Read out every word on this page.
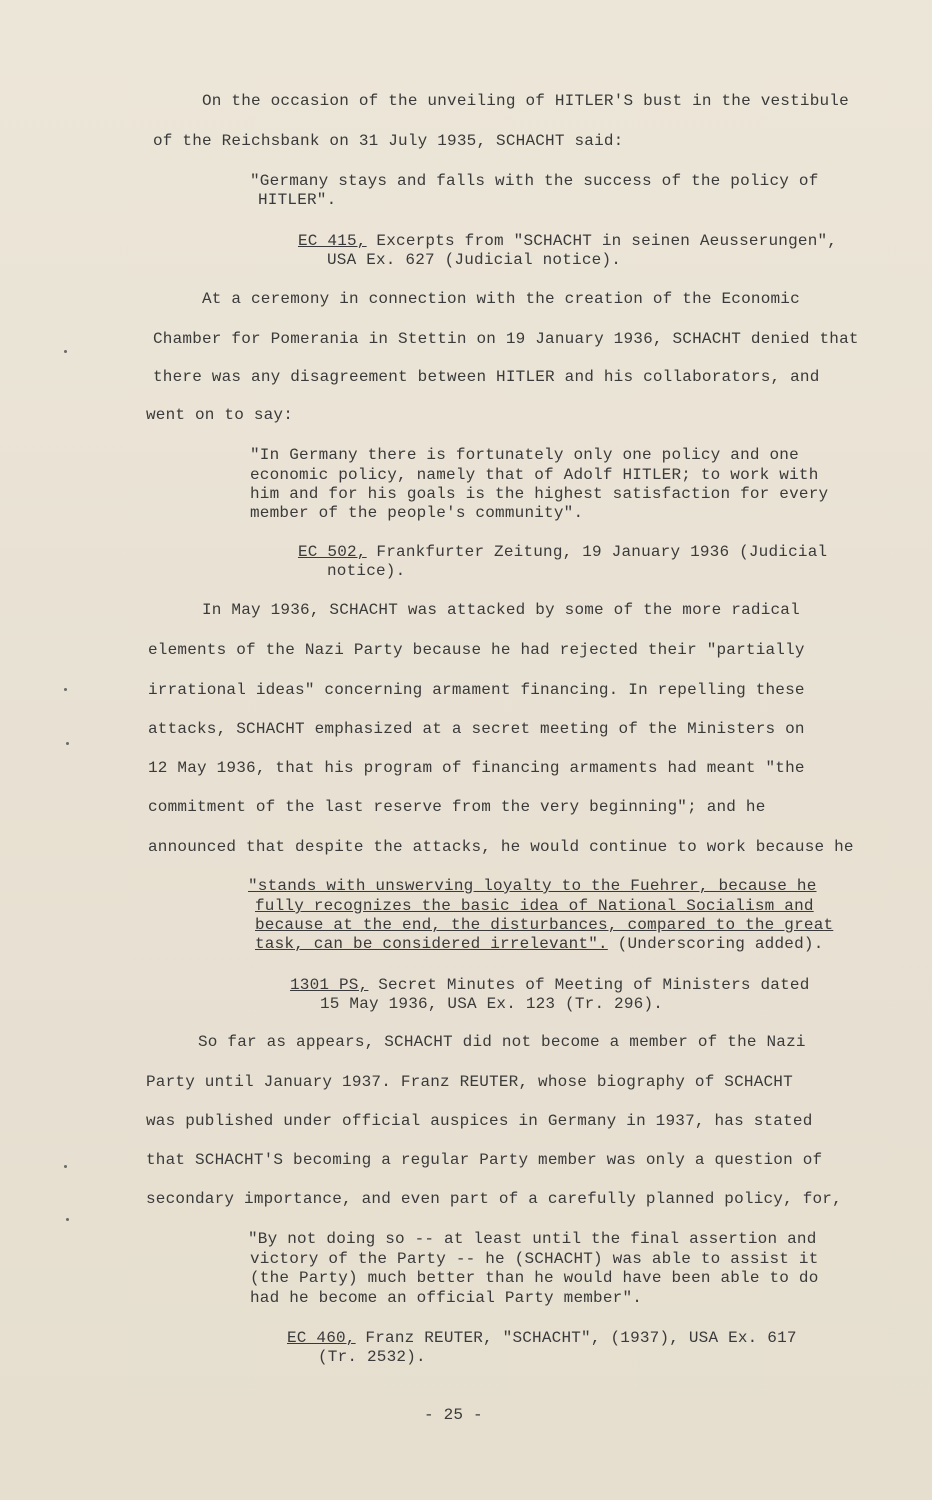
On the occasion of the unveiling of HITLER'S bust in the vestibule
of the Reichsbank on 31 July 1935, SCHACHT said:
"Germany stays and falls with the success of the policy of
HITLER".
EC 415, Excerpts from "SCHACHT in seinen Aeusserungen",
USA Ex. 627 (Judicial notice).
At a ceremony in connection with the creation of the Economic
Chamber for Pomerania in Stettin on 19 January 1936, SCHACHT denied that
there was any disagreement between HITLER and his collaborators, and
went on to say:
"In Germany there is fortunately only one policy and one
economic policy, namely that of Adolf HITLER; to work with
him and for his goals is the highest satisfaction for every
member of the people's community".
EC 502, Frankfurter Zeitung, 19 January 1936 (Judicial
notice).
In May 1936, SCHACHT was attacked by some of the more radical
elements of the Nazi Party because he had rejected their "partially
irrational ideas" concerning armament financing. In repelling these
attacks, SCHACHT emphasized at a secret meeting of the Ministers on
12 May 1936, that his program of financing armaments had meant "the
commitment of the last reserve from the very beginning"; and he
announced that despite the attacks, he would continue to work because he
"stands with unswerving loyalty to the Fuehrer, because he
fully recognizes the basic idea of National Socialism and
because at the end, the disturbances, compared to the great
task, can be considered irrelevant". (Underscoring added).
1301 PS, Secret Minutes of Meeting of Ministers dated
15 May 1936, USA Ex. 123 (Tr. 296).
So far as appears, SCHACHT did not become a member of the Nazi
Party until January 1937. Franz REUTER, whose biography of SCHACHT
was published under official auspices in Germany in 1937, has stated
that SCHACHT'S becoming a regular Party member was only a question of
secondary importance, and even part of a carefully planned policy, for,
"By not doing so -- at least until the final assertion and
victory of the Party -- he (SCHACHT) was able to assist it
(the Party) much better than he would have been able to do
had he become an official Party member".
EC 460, Franz REUTER, "SCHACHT", (1937), USA Ex. 617
(Tr. 2532).
- 25 -
